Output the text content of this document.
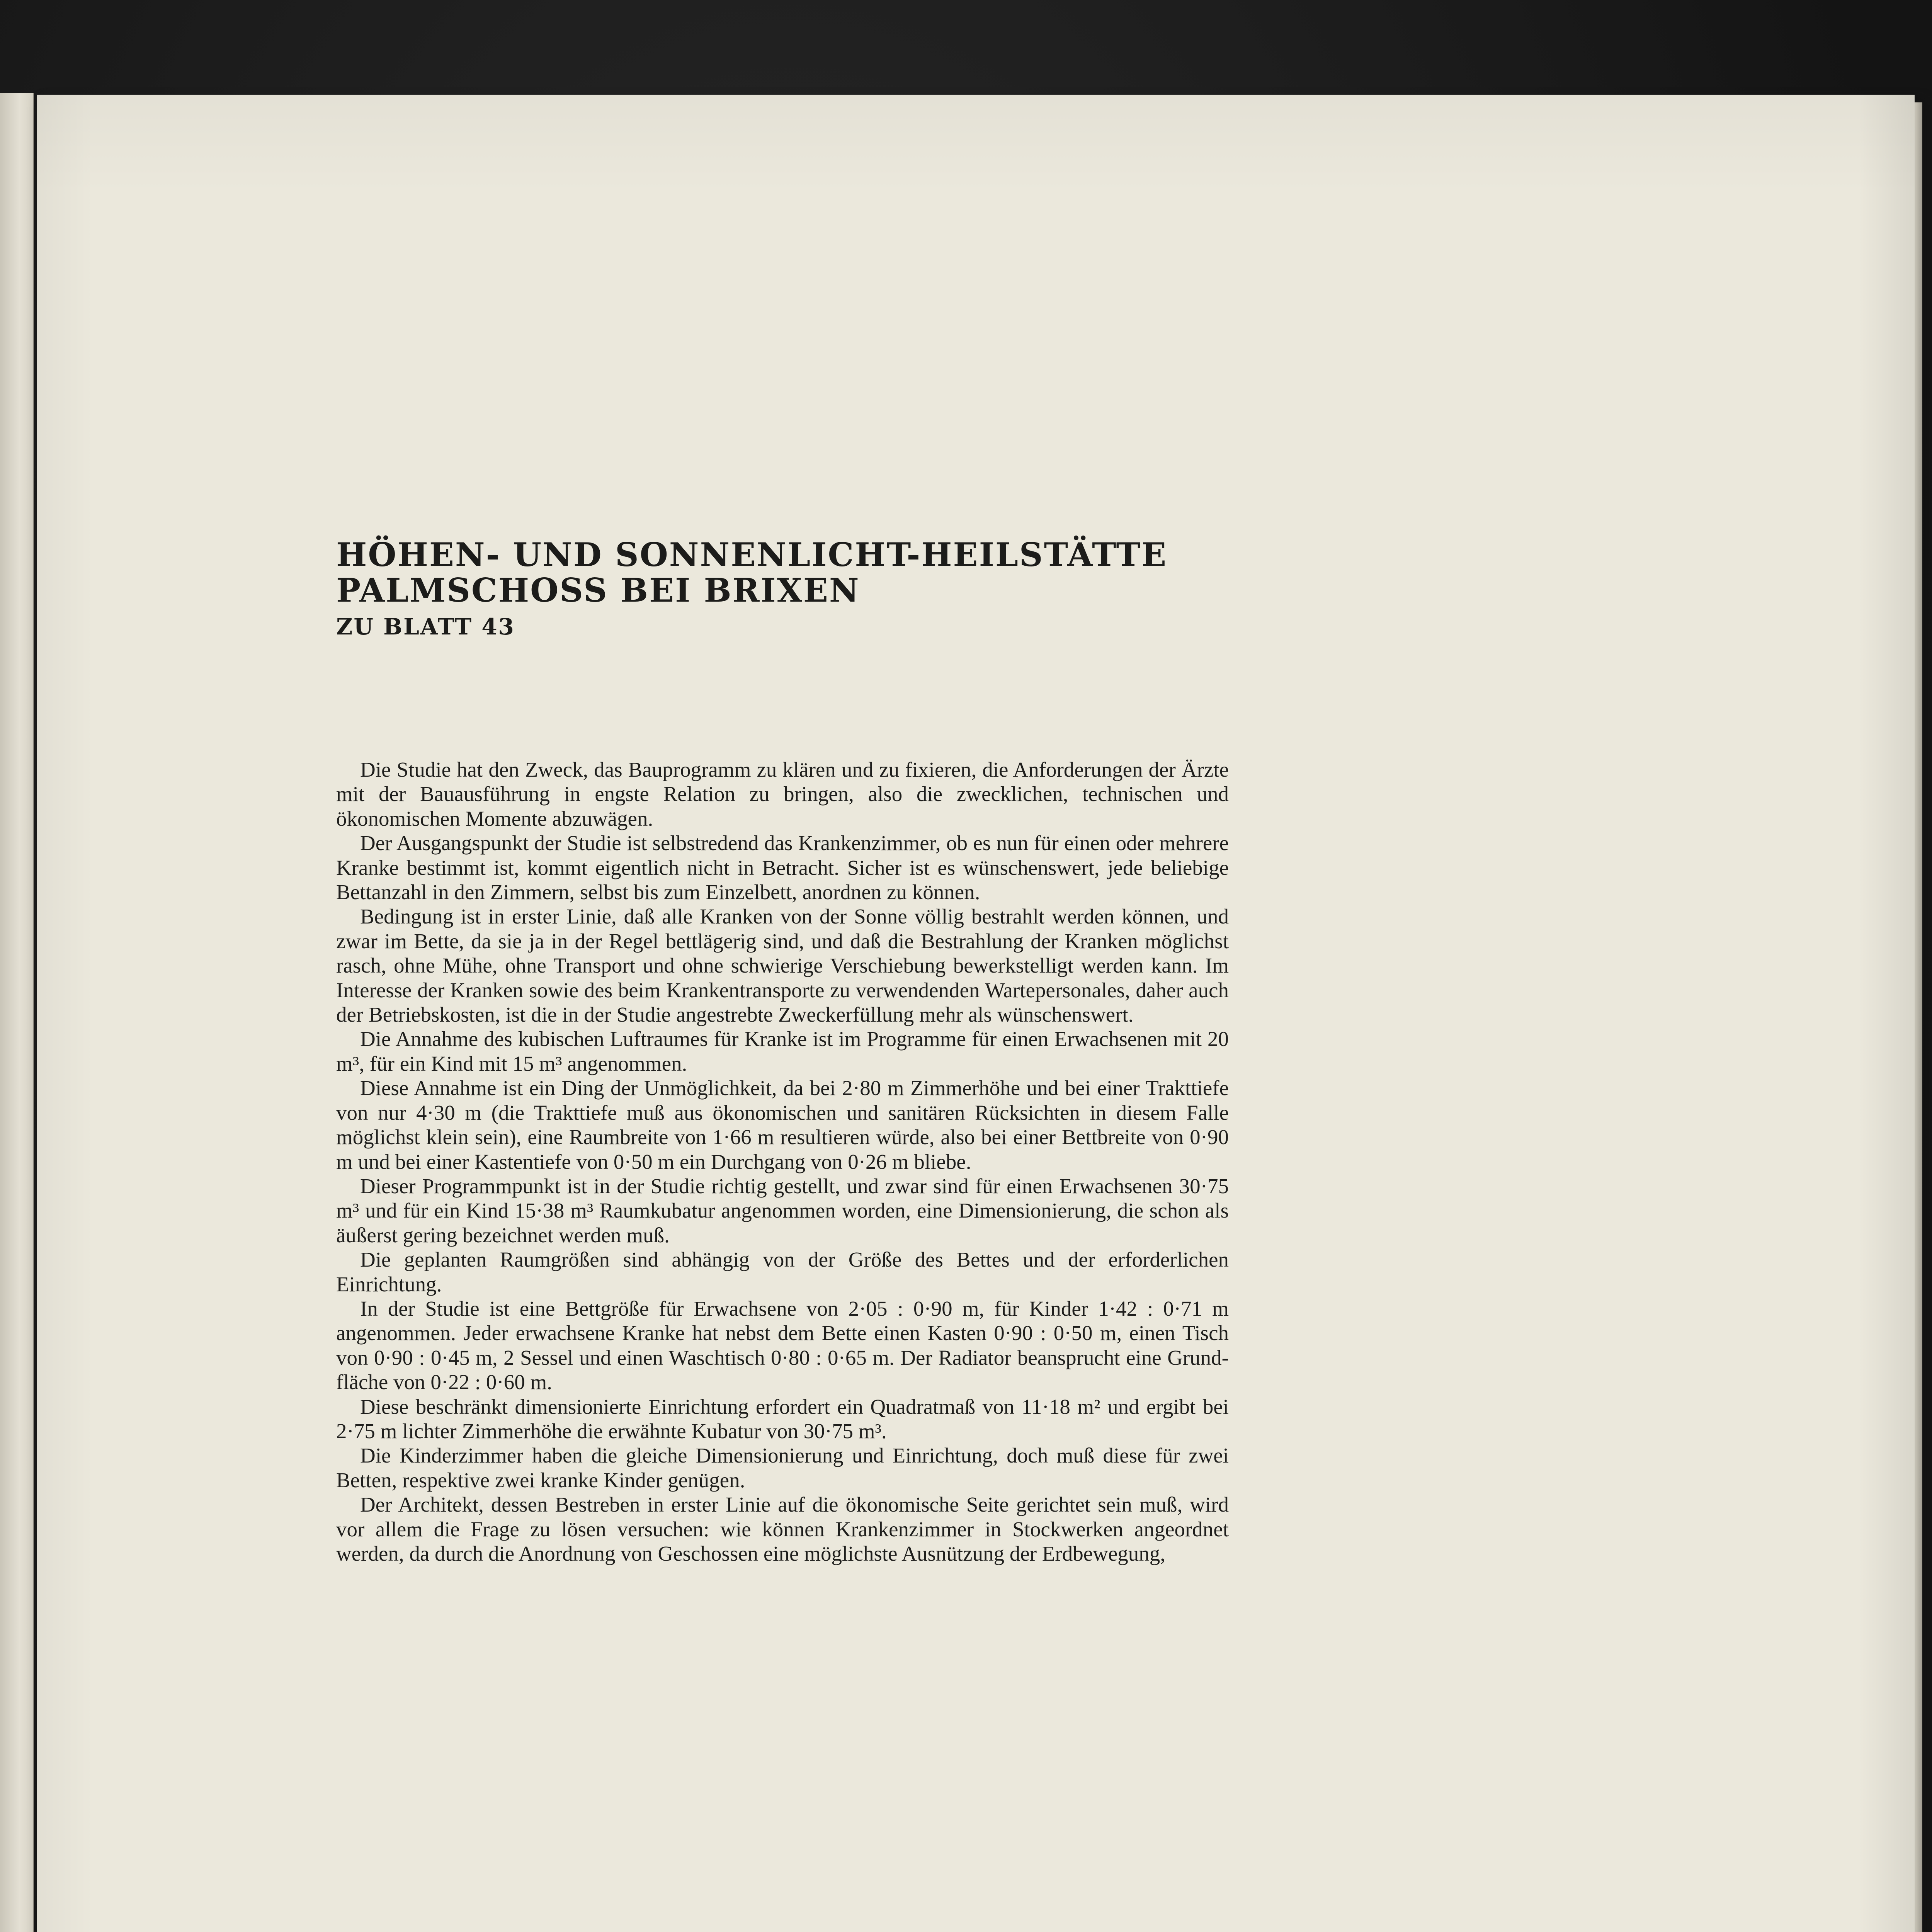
HÖHEN- UND SONNENLICHT-HEILSTÄTTE PALMSCHOSS BEI BRIXEN
ZU BLATT 43

Die Studie hat den Zweck, das Bauprogramm zu klären und zu fixieren, die Anforderungen der Ärzte mit der Bauausführung in engste Relation zu bringen, also die zwecklichen, technischen und ökonomischen Momente abzuwägen.

Der Ausgangspunkt der Studie ist selbstredend das Krankenzimmer, ob es nun für einen oder mehrere Kranke bestimmt ist, kommt eigentlich nicht in Betracht. Sicher ist es wünschenswert, jede beliebige Bettanzahl in den Zimmern, selbst bis zum Einzelbett, anordnen zu können.

Bedingung ist in erster Linie, daß alle Kranken von der Sonne völlig bestrahlt werden können, und zwar im Bette, da sie ja in der Regel bettlägerig sind, und daß die Bestrahlung der Kranken möglichst rasch, ohne Mühe, ohne Transport und ohne schwierige Verschiebung bewerkstelligt werden kann. Im Interesse der Kranken sowie des beim Krankentransporte zu verwendenden Wartepersonales, daher auch der Betriebskosten, ist die in der Studie angestrebte Zweckerfüllung mehr als wünschenswert.

Die Annahme des kubischen Luftraumes für Kranke ist im Programme für einen Erwachsenen mit 20 m³, für ein Kind mit 15 m³ angenommen.

Diese Annahme ist ein Ding der Unmöglichkeit, da bei 2·80 m Zimmerhöhe und bei einer Trakttiefe von nur 4·30 m (die Trakttiefe muß aus ökonomischen und sanitären Rücksichten in diesem Falle möglichst klein sein), eine Raumbreite von 1·66 m resultieren würde, also bei einer Bettbreite von 0·90 m und bei einer Kastentiefe von 0·50 m ein Durchgang von 0·26 m bliebe.

Dieser Programmpunkt ist in der Studie richtig gestellt, und zwar sind für einen Erwachsenen 30·75 m³ und für ein Kind 15·38 m³ Raumkubatur angenommen worden, eine Dimensionierung, die schon als äußerst gering bezeichnet werden muß.

Die geplanten Raumgrößen sind abhängig von der Größe des Bettes und der erforderlichen Einrichtung.

In der Studie ist eine Bettgröße für Erwachsene von 2·05 : 0·90 m, für Kinder 1·42 : 0·71 m angenommen. Jeder erwachsene Kranke hat nebst dem Bette einen Kasten 0·90 : 0·50 m, einen Tisch von 0·90 : 0·45 m, 2 Sessel und einen Waschtisch 0·80 : 0·65 m. Der Radiator beansprucht eine Grundfläche von 0·22 : 0·60 m.

Diese beschränkt dimensionierte Einrichtung erfordert ein Quadratmaß von 11·18 m² und ergibt bei 2·75 m lichter Zimmerhöhe die erwähnte Kubatur von 30·75 m³.

Die Kinderzimmer haben die gleiche Dimensionierung und Einrichtung, doch muß diese für zwei Betten, respektive zwei kranke Kinder genügen.

Der Architekt, dessen Bestreben in erster Linie auf die ökonomische Seite gerichtet sein muß, wird vor allem die Frage zu lösen versuchen: wie können Krankenzimmer in Stockwerken angeordnet werden, da durch die Anordnung von Geschossen eine möglichste Ausnützung der Erdbewegung,
